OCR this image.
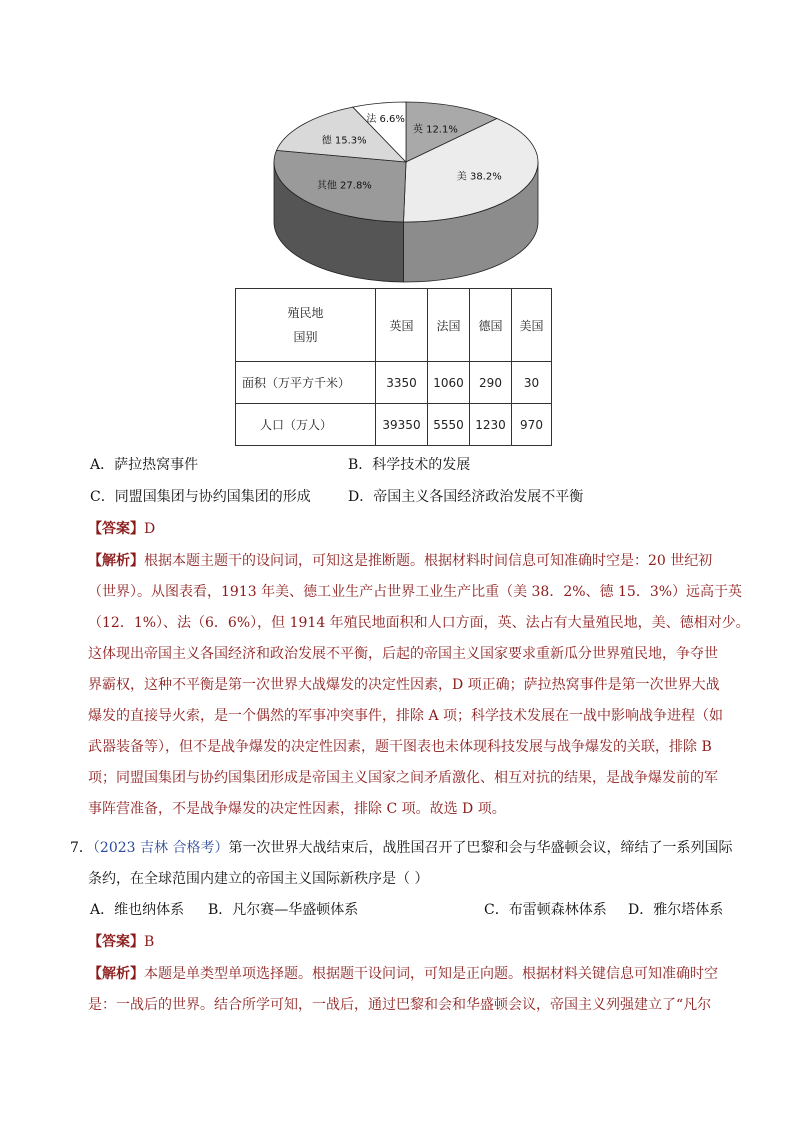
英 12.1%
美 38.2%
其他 27.8%
德 15.3%
法 6.6%
殖民地
国别	英国	法国	德国	美国
面积（万平方千米）	3350	1060	290	30
人口（万人）	39350	5550	1230	970
A．萨拉热窝事件	B．科学技术的发展
C．同盟国集团与协约国集团的形成	D．帝国主义各国经济政治发展不平衡
【答案】D
【解析】根据本题主题干的设问词，可知这是推断题。根据材料时间信息可知准确时空是：20 世纪初
（世界）。从图表看，1913 年美、德工业生产占世界工业生产比重（美 38．2%、德 15．3%）远高于英
（12．1%）、法（6．6%），但 1914 年殖民地面积和人口方面，英、法占有大量殖民地，美、德相对少。
这体现出帝国主义各国经济和政治发展不平衡，后起的帝国主义国家要求重新瓜分世界殖民地，争夺世
界霸权，这种不平衡是第一次世界大战爆发的决定性因素，D 项正确；萨拉热窝事件是第一次世界大战
爆发的直接导火索，是一个偶然的军事冲突事件，排除 A 项；科学技术发展在一战中影响战争进程（如
武器装备等），但不是战争爆发的决定性因素，题干图表也未体现科技发展与战争爆发的关联，排除 B
项；同盟国集团与协约国集团形成是帝国主义国家之间矛盾激化、相互对抗的结果，是战争爆发前的军
事阵营准备，不是战争爆发的决定性因素，排除 C 项。故选 D 项。
7．（2023 吉林 合格考）第一次世界大战结束后，战胜国召开了巴黎和会与华盛顿会议，缔结了一系列国际
条约，在全球范围内建立的帝国主义国际新秩序是（ ）
A．维也纳体系 B．凡尔赛—华盛顿体系	C．布雷顿森林体系 D．雅尔塔体系
【答案】B
【解析】本题是单类型单项选择题。根据题干设问词，可知是正向题。根据材料关键信息可知准确时空
是：一战后的世界。结合所学可知，一战后，通过巴黎和会和华盛顿会议，帝国主义列强建立了“凡尔
